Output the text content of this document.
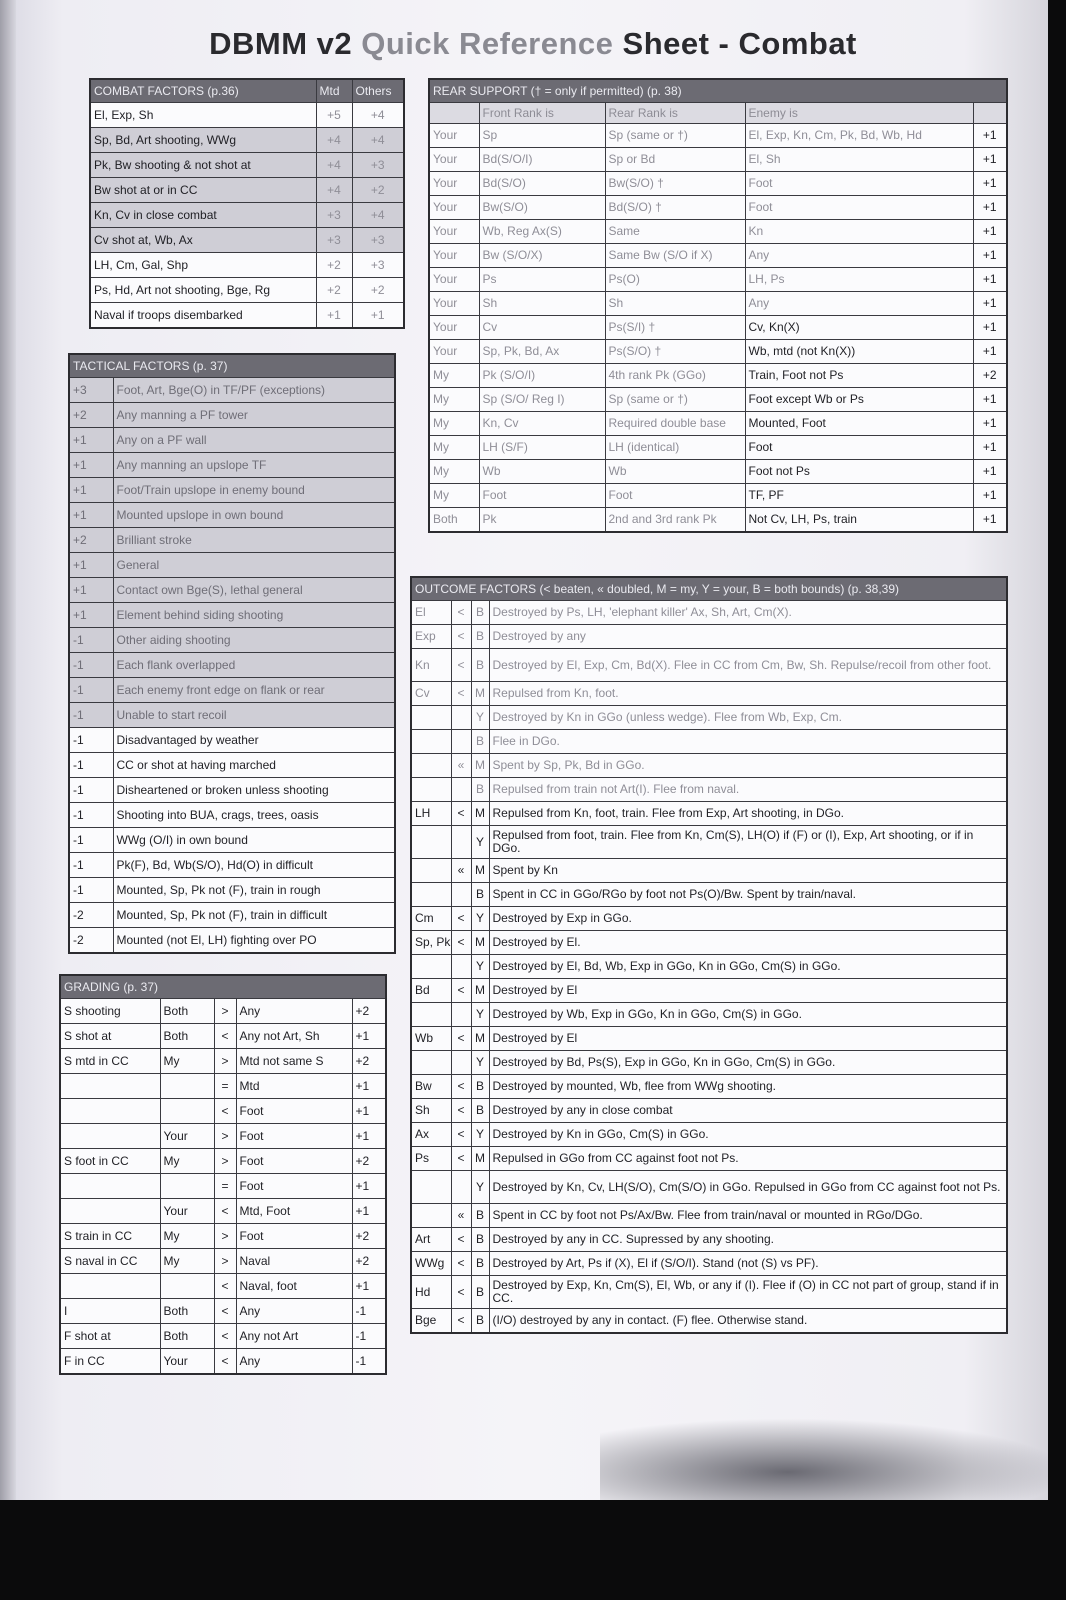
DBMM v2 Quick Reference Sheet - Combat
COMBAT FACTORS (p.36)	Mtd	Others
El, Exp, Sh	+5	+4
Sp, Bd, Art shooting, WWg	+4	+4
Pk, Bw shooting & not shot at	+4	+3
Bw shot at or in CC	+4	+2
Kn, Cv in close combat	+3	+4
Cv shot at, Wb, Ax	+3	+3
LH, Cm, Gal, Shp	+2	+3
Ps, Hd, Art not shooting, Bge, Rg	+2	+2
Naval if troops disembarked	+1	+1
TACTICAL FACTORS (p. 37)	
+3	Foot, Art, Bge(O) in TF/PF (exceptions)
+2	Any manning a PF tower
+1	Any on a PF wall
+1	Any manning an upslope TF
+1	Foot/Train upslope in enemy bound
+1	Mounted upslope in own bound
+2	Brilliant stroke
+1	General
+1	Contact own Bge(S), lethal general
+1	Element behind siding shooting
-1	Other aiding shooting
-1	Each flank overlapped
-1	Each enemy front edge on flank or rear
-1	Unable to start recoil
-1	Disadvantaged by weather
-1	CC or shot at having marched
-1	Disheartened or broken unless shooting
-1	Shooting into BUA, crags, trees, oasis
-1	WWg (O/I) in own bound
-1	Pk(F), Bd, Wb(S/O), Hd(O) in difficult
-1	Mounted, Sp, Pk not (F), train in rough
-2	Mounted, Sp, Pk not (F), train in difficult
-2	Mounted (not El, LH) fighting over PO
GRADING (p. 37)				
S shooting	Both	>	Any	+2
S shot at	Both	<	Any not Art, Sh	+1
S mtd in CC	My	>	Mtd not same S	+2
		=	Mtd	+1
		<	Foot	+1
	Your	>	Foot	+1
S foot in CC	My	>	Foot	+2
		=	Foot	+1
	Your	<	Mtd, Foot	+1
S train in CC	My	>	Foot	+2
S naval in CC	My	>	Naval	+2
		<	Naval, foot	+1
I	Both	<	Any	-1
F shot at	Both	<	Any not Art	-1
F in CC	Your	<	Any	-1
REAR SUPPORT († = only if permitted) (p. 38)				
	Front Rank is	Rear Rank is	Enemy is	
Your	Sp	Sp (same or †)	El, Exp, Kn, Cm, Pk, Bd, Wb, Hd	+1
Your	Bd(S/O/I)	Sp or Bd	El, Sh	+1
Your	Bd(S/O)	Bw(S/O) †	Foot	+1
Your	Bw(S/O)	Bd(S/O) †	Foot	+1
Your	Wb, Reg Ax(S)	Same	Kn	+1
Your	Bw (S/O/X)	Same Bw (S/O if X)	Any	+1
Your	Ps	Ps(O)	LH, Ps	+1
Your	Sh	Sh	Any	+1
Your	Cv	Ps(S/I) †	Cv, Kn(X)	+1
Your	Sp, Pk, Bd, Ax	Ps(S/O) †	Wb, mtd (not Kn(X))	+1
My	Pk (S/O/I)	4th rank Pk (GGo)	Train, Foot not Ps	+2
My	Sp (S/O/ Reg I)	Sp (same or †)	Foot except Wb or Ps	+1
My	Kn, Cv	Required double base	Mounted, Foot	+1
My	LH (S/F)	LH (identical)	Foot	+1
My	Wb	Wb	Foot not Ps	+1
My	Foot	Foot	TF, PF	+1
Both	Pk	2nd and 3rd rank Pk	Not Cv, LH, Ps, train	+1
OUTCOME FACTORS (< beaten, « doubled, M = my, Y = your, B = both bounds) (p. 38,39)			
El	<	B	Destroyed by Ps, LH, 'elephant killer' Ax, Sh, Art, Cm(X).
Exp	<	B	Destroyed by any
Kn	<	B	Destroyed by El, Exp, Cm, Bd(X). Flee in CC from Cm, Bw, Sh. Repulse/recoil from other foot.
Cv	<	M	Repulsed from Kn, foot.
		Y	Destroyed by Kn in GGo (unless wedge). Flee from Wb, Exp, Cm.
		B	Flee in DGo.
	«	M	Spent by Sp, Pk, Bd in GGo.
		B	Repulsed from train not Art(I). Flee from naval.
LH	<	M	Repulsed from Kn, foot, train. Flee from Exp, Art shooting, in DGo.
		Y	Repulsed from foot, train. Flee from Kn, Cm(S), LH(O) if (F) or (I), Exp, Art shooting, or if in DGo.
	«	M	Spent by Kn
		B	Spent in CC in GGo/RGo by foot not Ps(O)/Bw. Spent by train/naval.
Cm	<	Y	Destroyed by Exp in GGo.
Sp, Pk	<	M	Destroyed by El.
		Y	Destroyed by El, Bd, Wb, Exp in GGo, Kn in GGo, Cm(S) in GGo.
Bd	<	M	Destroyed by El
		Y	Destroyed by Wb, Exp in GGo, Kn in GGo, Cm(S) in GGo.
Wb	<	M	Destroyed by El
		Y	Destroyed by Bd, Ps(S), Exp in GGo, Kn in GGo, Cm(S) in GGo.
Bw	<	B	Destroyed by mounted, Wb, flee from WWg shooting.
Sh	<	B	Destroyed by any in close combat
Ax	<	Y	Destroyed by Kn in GGo, Cm(S) in GGo.
Ps	<	M	Repulsed in GGo from CC against foot not Ps.
		Y	Destroyed by Kn, Cv, LH(S/O), Cm(S/O) in GGo. Repulsed in GGo from CC against foot not Ps.
	«	B	Spent in CC by foot not Ps/Ax/Bw. Flee from train/naval or mounted in RGo/DGo.
Art	<	B	Destroyed by any in CC. Supressed by any shooting.
WWg	<	B	Destroyed by Art, Ps if (X), El if (S/O/I). Stand (not (S) vs PF).
Hd	<	B	Destroyed by Exp, Kn, Cm(S), El, Wb, or any if (I). Flee if (O) in CC not part of group, stand if in CC.
Bge	<	B	(I/O) destroyed by any in contact. (F) flee. Otherwise stand.
